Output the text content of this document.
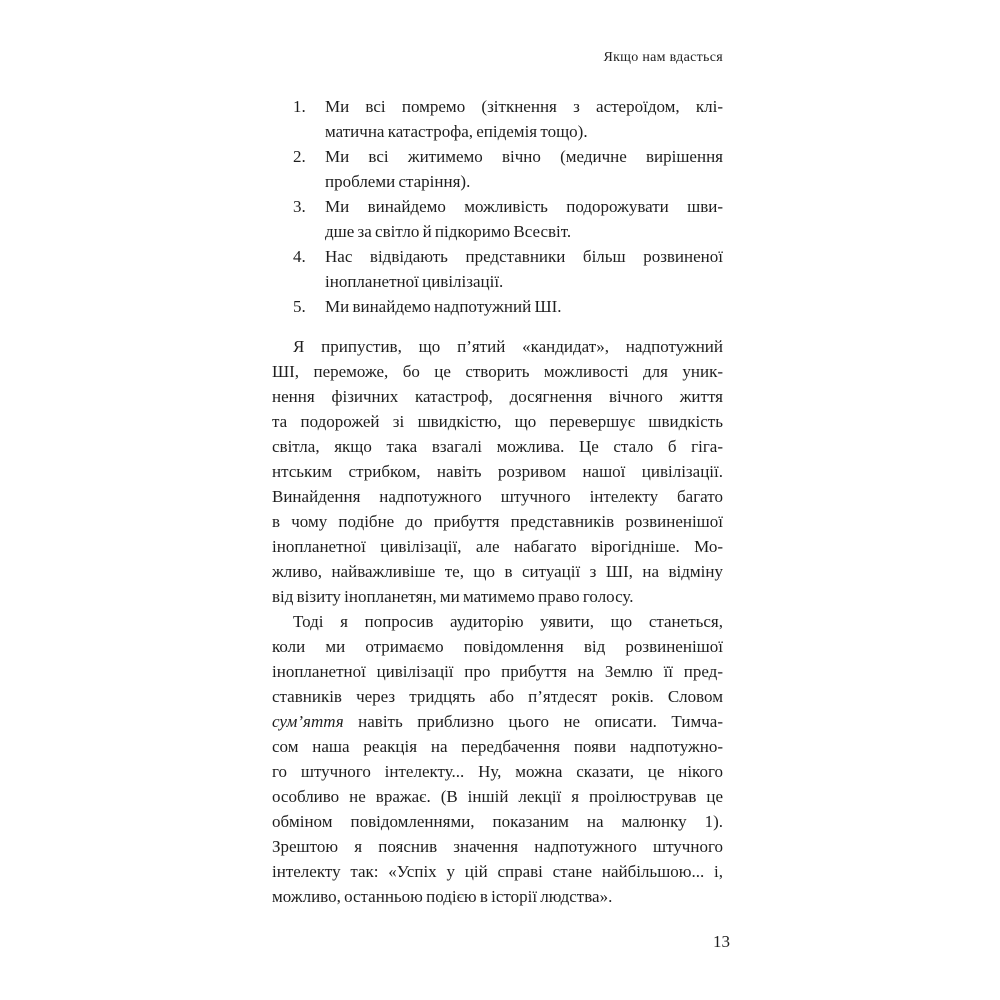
Якщо нам вдасться
1. Ми всі помремо (зіткнення з астероїдом, клі-
матична катастрофа, епідемія тощо).
2. Ми всі житимемо вічно (медичне вирішення
проблеми старіння).
3. Ми винайдемо можливість подорожувати шви-
дше за світло й підкоримо Всесвіт.
4. Нас відвідають представники більш розвиненої
інопланетної цивілізації.
5. Ми винайдемо надпотужний ШІ.
Я припустив, що п’ятий «кандидат», надпотужний
ШІ, переможе, бо це створить можливості для уник-
нення фізичних катастроф, досягнення вічного життя
та подорожей зі швидкістю, що перевершує швидкість
світла, якщо така взагалі можлива. Це стало б гіга-
нтським стрибком, навіть розривом нашої цивілізації.
Винайдення надпотужного штучного інтелекту багато
в чому подібне до прибуття представників розвиненішої
інопланетної цивілізації, але набагато вірогідніше. Мо-
жливо, найважливіше те, що в ситуації з ШІ, на відміну
від візиту інопланетян, ми матимемо право голосу.
Тоді я попросив аудиторію уявити, що станеться,
коли ми отримаємо повідомлення від розвиненішої
інопланетної цивілізації про прибуття на Землю її пред-
ставників через тридцять або п’ятдесят років. Словом
сум’яття навіть приблизно цього не описати. Тимча-
сом наша реакція на передбачення появи надпотужно-
го штучного інтелекту... Ну, можна сказати, це нікого
особливо не вражає. (В іншій лекції я проілюстрував це
обміном повідомленнями, показаним на малюнку 1).
Зрештою я пояснив значення надпотужного штучного
інтелекту так: «Успіх у цій справі стане найбільшою... і,
можливо, останньою подією в історії людства».
13
